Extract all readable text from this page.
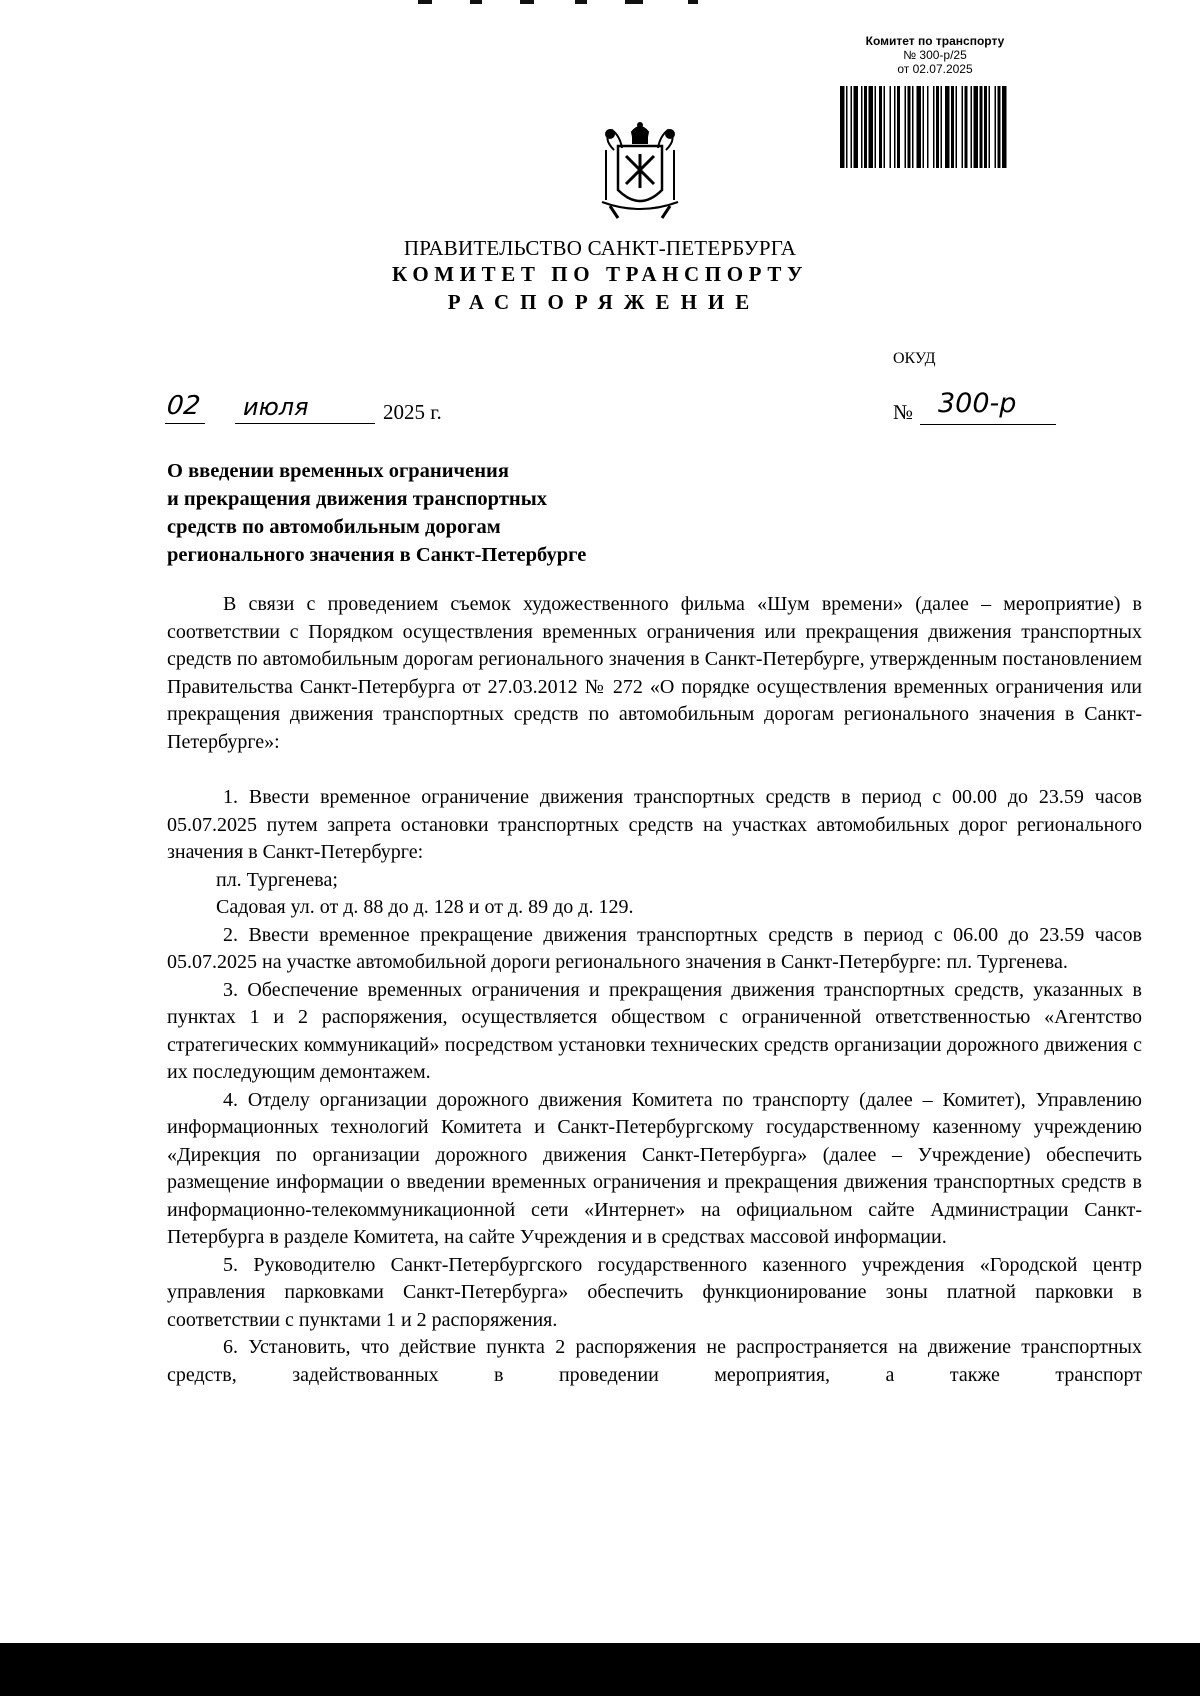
Комитет по транспорту
№ 300-р/25
от 02.07.2025
ПРАВИТЕЛЬСТВО САНКТ-ПЕТЕРБУРГА
КОМИТЕТ ПО ТРАНСПОРТУ
РАСПОРЯЖЕНИЕ
ОКУД
02 июля	2025 г.	№ 300-р
О введении временных ограничения
и прекращения движения транспортных
средств по автомобильным дорогам
регионального значения в Санкт-Петербурге

В связи с проведением съемок художественного фильма «Шум времени» (далее – мероприятие) в соответствии с Порядком осуществления временных ограничения или прекращения движения транспортных средств по автомобильным дорогам регионального значения в Санкт-Петербурге, утвержденным постановлением Правительства Санкт-Петербурга от 27.03.2012 № 272 «О порядке осуществления временных ограничения или прекращения движения транспортных средств по автомобильным дорогам регионального значения в Санкт-Петербурге»:

1. Ввести временное ограничение движения транспортных средств в период с 00.00 до 23.59 часов 05.07.2025 путем запрета остановки транспортных средств на участках автомобильных дорог регионального значения в Санкт-Петербурге:

пл. Тургенева;

Садовая ул. от д. 88 до д. 128 и от д. 89 до д. 129.

2. Ввести временное прекращение движения транспортных средств в период с 06.00 до 23.59 часов 05.07.2025 на участке автомобильной дороги регионального значения в Санкт-Петербурге: пл. Тургенева.

3. Обеспечение временных ограничения и прекращения движения транспортных средств, указанных в пунктах 1 и 2 распоряжения, осуществляется обществом с ограниченной ответственностью «Агентство стратегических коммуникаций» посредством установки технических средств организации дорожного движения с их последующим демонтажем.

4. Отделу организации дорожного движения Комитета по транспорту (далее – Комитет), Управлению информационных технологий Комитета и Санкт-Петербургскому государственному казенному учреждению «Дирекция по организации дорожного движения Санкт-Петербурга» (далее – Учреждение) обеспечить размещение информации о введении временных ограничения и прекращения движения транспортных средств в информационно-телекоммуникационной сети «Интернет» на официальном сайте Администрации Санкт-Петербурга в разделе Комитета, на сайте Учреждения и в средствах массовой информации.

5. Руководителю Санкт-Петербургского государственного казенного учреждения «Городской центр управления парковками Санкт-Петербурга» обеспечить функционирование зоны платной парковки в соответствии с пунктами 1 и 2 распоряжения.

6. Установить, что действие пункта 2 распоряжения не распространяется на движение транспортных средств, задействованных в проведении мероприятия, а также транспорт
